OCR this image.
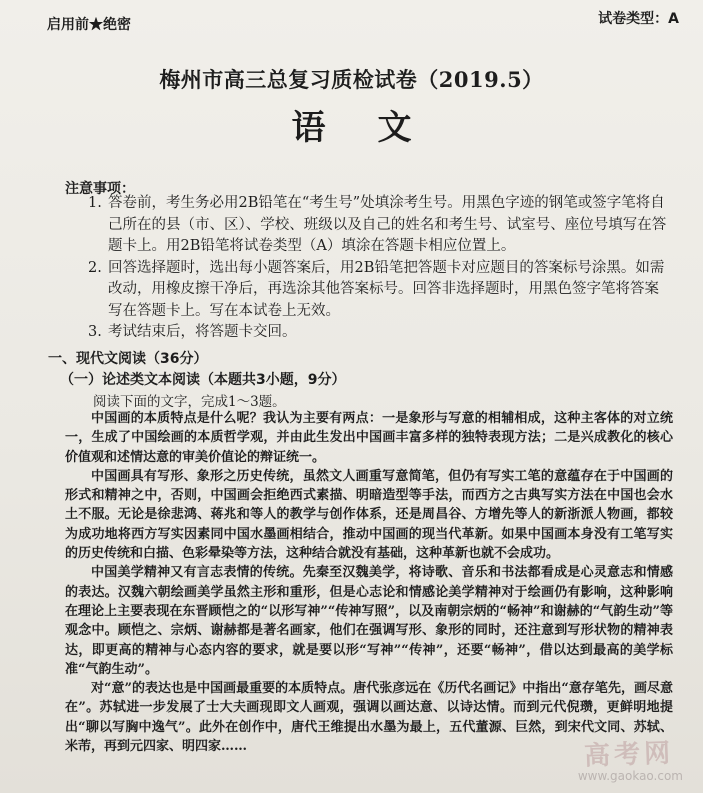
启用前★绝密	试卷类型：A
梅州市高三总复习质检试卷（2019.5）
语文
注意事项：
1. 答卷前，考生务必用2B铅笔在“考生号”处填涂考生号。用黑色字迹的钢笔或签字笔将自己所在的县（市、区）、学校、班级以及自己的姓名和考生号、试室号、座位号填写在答题卡上。用2B铅笔将试卷类型（A）填涂在答题卡相应位置上。
2. 回答选择题时，选出每小题答案后，用2B铅笔把答题卡对应题目的答案标号涂黑。如需改动，用橡皮擦干净后，再选涂其他答案标号。回答非选择题时，用黑色签字笔将答案写在答题卡上。写在本试卷上无效。
3. 考试结束后，将答题卡交回。
一、现代文阅读（36分）
（一）论述类文本阅读（本题共3小题，9分）
阅读下面的文字，完成1～3题。

中国画的本质特点是什么呢？我认为主要有两点：一是象形与写意的相辅相成，这种主客体的对立统一，生成了中国绘画的本质哲学观，并由此生发出中国画丰富多样的独特表现方法；二是兴成教化的核心价值观和述情达意的审美价值论的辩证统一。

中国画具有写形、象形之历史传统，虽然文人画重写意简笔，但仍有写实工笔的意蕴存在于中国画的形式和精神之中，否则，中国画会拒绝西式素描、明暗造型等手法，而西方之古典写实方法在中国也会水土不服。无论是徐悲鸿、蒋兆和等人的教学与创作体系，还是周昌谷、方增先等人的新浙派人物画，都较为成功地将西方写实因素同中国水墨画相结合，推动中国画的现当代革新。如果中国画本身没有工笔写实的历史传统和白描、色彩晕染等方法，这种结合就没有基础，这种革新也就不会成功。

中国美学精神又有言志表情的传统。先秦至汉魏美学，将诗歌、音乐和书法都看成是心灵意志和情感的表达。汉魏六朝绘画美学虽然主形和重形，但是心志论和情感论美学精神对于绘画仍有影响，这种影响在理论上主要表现在东晋顾恺之的“以形写神”“传神写照”，以及南朝宗炳的“畅神”和谢赫的“气韵生动”等观念中。顾恺之、宗炳、谢赫都是著名画家，他们在强调写形、象形的同时，还注意到写形状物的精神表达，即更高的精神与心态内容的要求，就是要以形“写神”“传神”，还要“畅神”，借以达到最高的美学标准“气韵生动”。

对“意”的表达也是中国画最重要的本质特点。唐代张彦远在《历代名画记》中指出“意存笔先，画尽意在”。苏轼进一步发展了士大夫画现即文人画观，强调以画达意、以诗达情。而到元代倪瓒，更鲜明地提出“聊以写胸中逸气”。此外在创作中，唐代王维提出水墨为最上，五代董源、巨然，到宋代文同、苏轼、米芾，再到元四家、明四家……	高考网
www.gaokao.com
